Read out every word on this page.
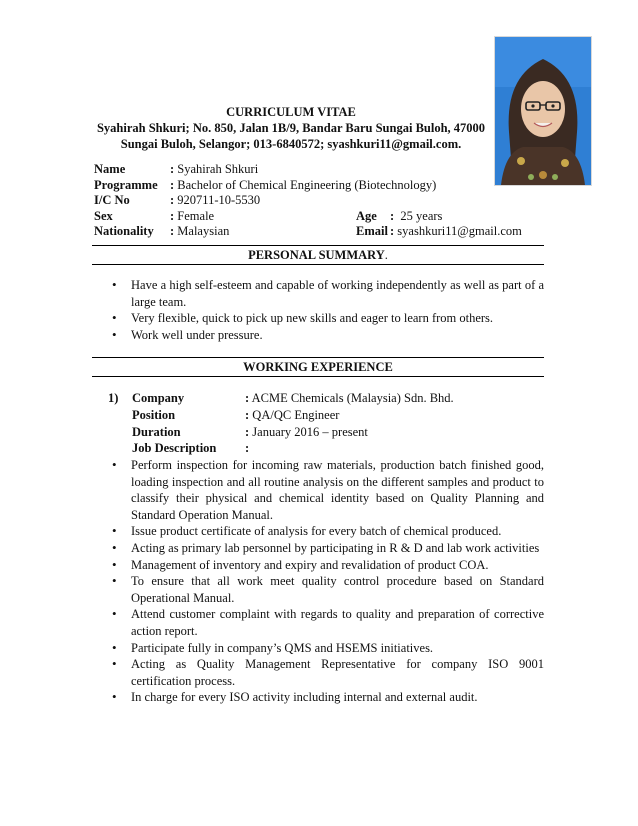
CURRICULUM VITAE
Syahirah Shkuri; No. 850, Jalan 1B/9, Bandar Baru Sungai Buloh, 47000
Sungai Buloh, Selangor; 013-6840572; syashkuri11@gmail.com.
Name	: Syahirah Shkuri
Programme : Bachelor of Chemical Engineering (Biotechnology)
I/C No	: 920711-10-5530
Sex	: Female	Age : 25 years
Nationality : Malaysian	Email : syashkuri11@gmail.com
PERSONAL SUMMARY.
• Have a high self-esteem and capable of working independently as well as part of a large team.
• Very flexible, quick to pick up new skills and eager to learn from others.
• Work well under pressure.
WORKING EXPERIENCE
1) Company	: ACME Chemicals (Malaysia) Sdn. Bhd.
Position	: QA/QC Engineer
Duration	: January 2016 – present
Job Description :
• Perform inspection for incoming raw materials, production batch finished good, loading inspection and all routine analysis on the different samples and product to classify their physical and chemical identity based on Quality Planning and Standard Operation Manual.
• Issue product certificate of analysis for every batch of chemical produced.
• Acting as primary lab personnel by participating in R & D and lab work activities
• Management of inventory and expiry and revalidation of product COA.
• To ensure that all work meet quality control procedure based on Standard Operational Manual.
• Attend customer complaint with regards to quality and preparation of corrective action report.
• Participate fully in company’s QMS and HSEMS initiatives.
• Acting as Quality Management Representative for company ISO 9001 certification process.
• In charge for every ISO activity including internal and external audit.
